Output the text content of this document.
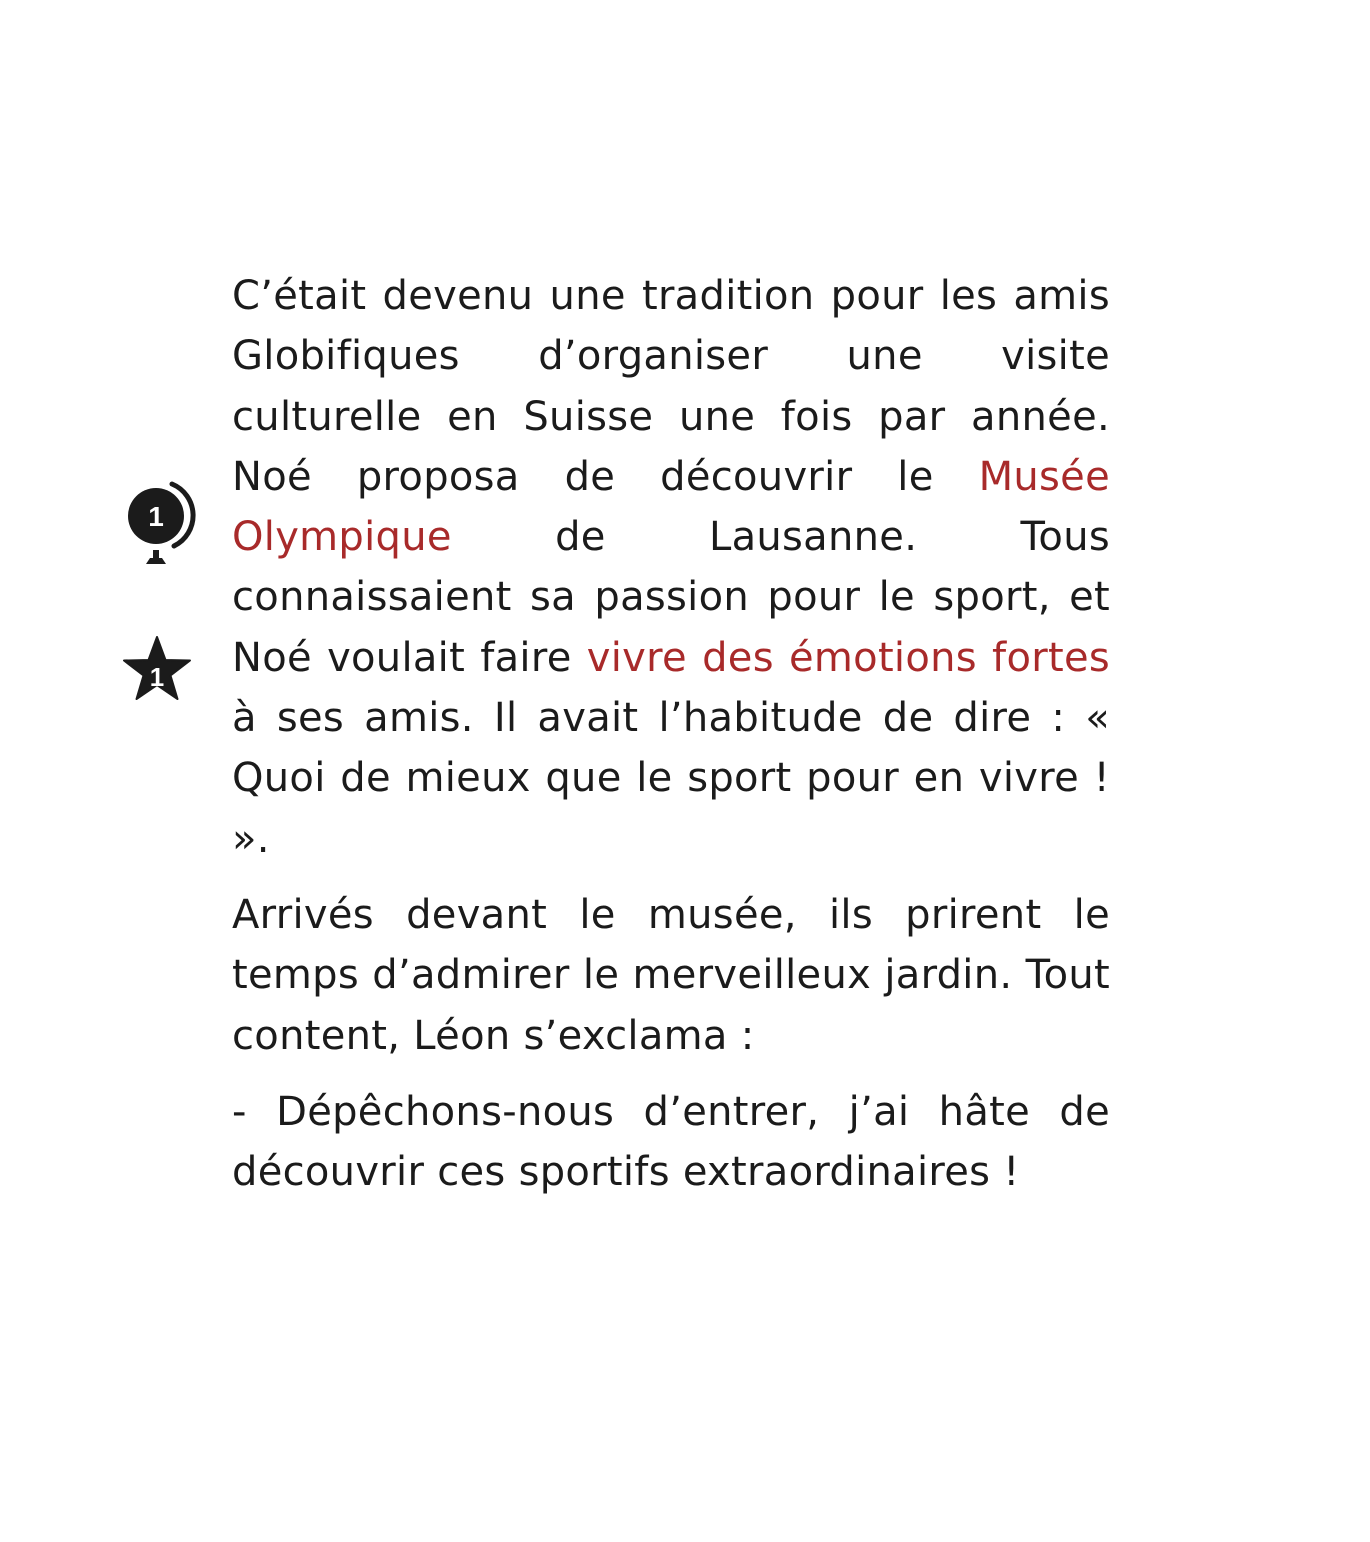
1
1

C’était devenu une tradition pour les amis Globifiques d’organiser une visite culturelle en Suisse une fois par année. Noé proposa de découvrir le Musée Olympique de Lausanne. Tous connaissaient sa passion pour le sport, et Noé voulait faire vivre des émotions fortes à ses amis. Il avait l’habitude de dire : « Quoi de mieux que le sport pour en vivre ! ».

Arrivés devant le musée, ils prirent le temps d’admirer le merveilleux jardin. Tout content, Léon s’exclama :

- Dépêchons-nous d’entrer, j’ai hâte de découvrir ces sportifs extraordinaires !
